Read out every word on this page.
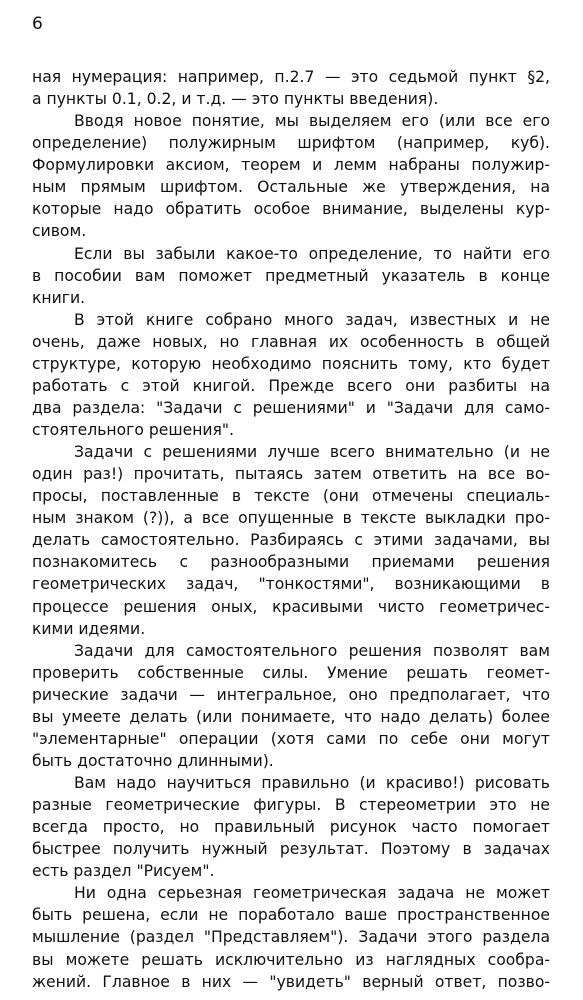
6
ная нумерация: например, п.2.7 — это седьмой пункт §2,
а пункты 0.1, 0.2, и т.д. — это пункты введения).
Вводя новое понятие, мы выделяем его (или все его
определение) полужирным шрифтом (например, куб).
Формулировки аксиом, теорем и лемм набраны полужир-
ным прямым шрифтом. Остальные же утверждения, на
которые надо обратить особое внимание, выделены кур-
сивом.
Если вы забыли какое-то определение, то найти его
в пособии вам поможет предметный указатель в конце
книги.
В этой книге собрано много задач, известных и не
очень, даже новых, но главная их особенность в общей
структуре, которую необходимо пояснить тому, кто будет
работать с этой книгой. Прежде всего они разбиты на
два раздела: "Задачи с решениями" и "Задачи для само-
стоятельного решения".
Задачи с решениями лучше всего внимательно (и не
один раз!) прочитать, пытаясь затем ответить на все во-
просы, поставленные в тексте (они отмечены специаль-
ным знаком (?)), а все опущенные в тексте выкладки про-
делать самостоятельно. Разбираясь с этими задачами, вы
познакомитесь с разнообразными приемами решения
геометрических задач, "тонкостями", возникающими в
процессе решения оных, красивыми чисто геометричес-
кими идеями.
Задачи для самостоятельного решения позволят вам
проверить собственные силы. Умение решать геомет-
рические задачи — интегральное, оно предполагает, что
вы умеете делать (или понимаете, что надо делать) более
"элементарные" операции (хотя сами по себе они могут
быть достаточно длинными).
Вам надо научиться правильно (и красиво!) рисовать
разные геометрические фигуры. В стереометрии это не
всегда просто, но правильный рисунок часто помогает
быстрее получить нужный результат. Поэтому в задачах
есть раздел "Рисуем".
Ни одна серьезная геометрическая задача не может
быть решена, если не поработало ваше пространственное
мышление (раздел "Представляем"). Задачи этого раздела
вы можете решать исключительно из наглядных сообра-
жений. Главное в них — "увидеть" верный ответ, позво-
